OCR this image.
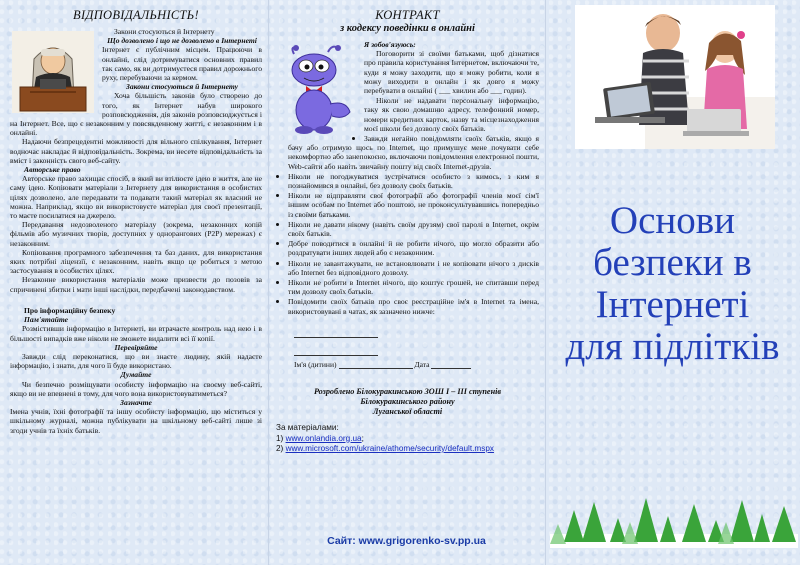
ВІДПОВІДАЛЬНІСТЬ!

Закони стосуються й Інтернету

Що дозволено і що не дозволено в Інтернеті

Інтернет є публічним місцем. Працюючи в онлайні, слід дотримуватися основних правил так само, як ви дотримуєтеся правил дорожнього руху, перебуваючи за кермом.

Закони стосуються й Інтернету

Хоча більшість законів було створено до того, як Інтернет набув широкого розповсюдження, дія законів розповсюджується і на Інтернет. Все, що є незаконним у повсякденному житті, є незаконним і в онлайні.

Надаючи безпрецедентні можливості для вільного спілкування, Інтернет водночас накладає й відповідальність. Зокрема, ви несете відповідальність за вміст і законність свого веб-сайту.

Авторське право

Авторське право захищає спосіб, в який ви втілюєте ідею в життя, але не саму ідею. Копіювати матеріали з Інтернету для використання в особистих цілях дозволено, але передавати та подавати такий матеріал як власний не можна. Наприклад, якщо ви використовуєте матеріал для своєї презентації, то маєте посилатися на джерело.

Передавання недозволеного матеріалу (зокрема, незаконних копій фільмів або музичних творів, доступних у однорангових (P2P) мережах) є незаконним.

Копіювання програмного забезпечення та баз даних, для використання яких потрібні ліцензії, є незаконним, навіть якщо це робиться з метою застосування в особистих цілях.

Незаконне використання матеріалів може призвести до позовів за спричинені збитки і мати інші наслідки, передбачені законодавством.

Про інформаційну безпеку

Пам'ятайте

Розмістивши інформацію в Інтернеті, ви втрачаєте контроль над нею і в більшості випадків вже ніколи не зможете видалити всі її копії.

Перевіряйте

Завжди слід переконатися, що ви знаєте людину, якій надаєте інформацію, і знати, для чого її буде використано.

Думайте

Чи безпечно розміщувати особисту інформацію на своєму веб-сайті, якщо ви не впевнені в тому, для чого вона використовуватиметься?

Зазначте

Імена учнів, їхні фотографії та іншу особисту інформацію, що міститься у шкільному журналі, можна публікувати на шкільному веб-сайті лише зі згоди учнів та їхніх батьків.

КОНТРАКТ
з кодексу поведінки в онлайні

Я зобов'язуюсь:

Поговорити зі своїми батьками, щоб дізнатися про правила користування Інтернетом, включаючи те, куди я можу заходити, що я можу робити, коли я можу виходити в онлайн і як довго я можу перебувати в онлайні ( ___ хвилин або ___ годин).
Ніколи не надавати персональну інформацію, таку як свою домашню адресу, телефонний номер, номери кредитних карток, назву та місцезнаходження моєї школи без дозволу своїх батьків.
• Завжди негайно повідомляти своїх батьків, якщо я бачу або отримую щось по Internet, що примушує мене почувати себе некомфортно або занепокоєно, включаючи повідомлення електронної пошти, Web-сайти або навіть звичайну пошту від своїх Internet-друзів.
• Ніколи не погоджуватися зустрічатися особисто з кимось, з ким я познайомився в онлайні, без дозволу своїх батьків.
• Ніколи не відправляти свої фотографії або фотографії членів моєї сім'ї іншим особам по Internet або поштою, не проконсультувавшись попередньо із своїми батьками.
• Ніколи не давати нікому (навіть своїм друзям) свої паролі в Internet, окрім своїх батьків.
• Добре поводитися в онлайні й не робити нічого, що могло образити або роздратувати інших людей або є незаконним.
• Ніколи не завантажувати, не встановлювати і не копіювати нічого з дисків або Internet без відповідного дозволу.
• Ніколи не робити в Internet нічого, що коштує грошей, не спитавши перед тим дозволу своїх батьків.
• Повідомити своїх батьків про своє реєстраційне ім'я в Internet та імена, використовувані в чатах, як зазначено нижче:

Ім'я (дитини)	Дата
Розроблено Білокуракинською ЗОШ І – ІІІ ступенів
Білокуракинського району
Луганської області
За матеріалами:
1) www.onlandia.org.ua;
2) www.microsoft.com/ukraine/athome/security/default.mspx
Сайт: www.grigorenko-sv.pp.ua
Основи
безпеки в
Інтернеті
для підлітків
